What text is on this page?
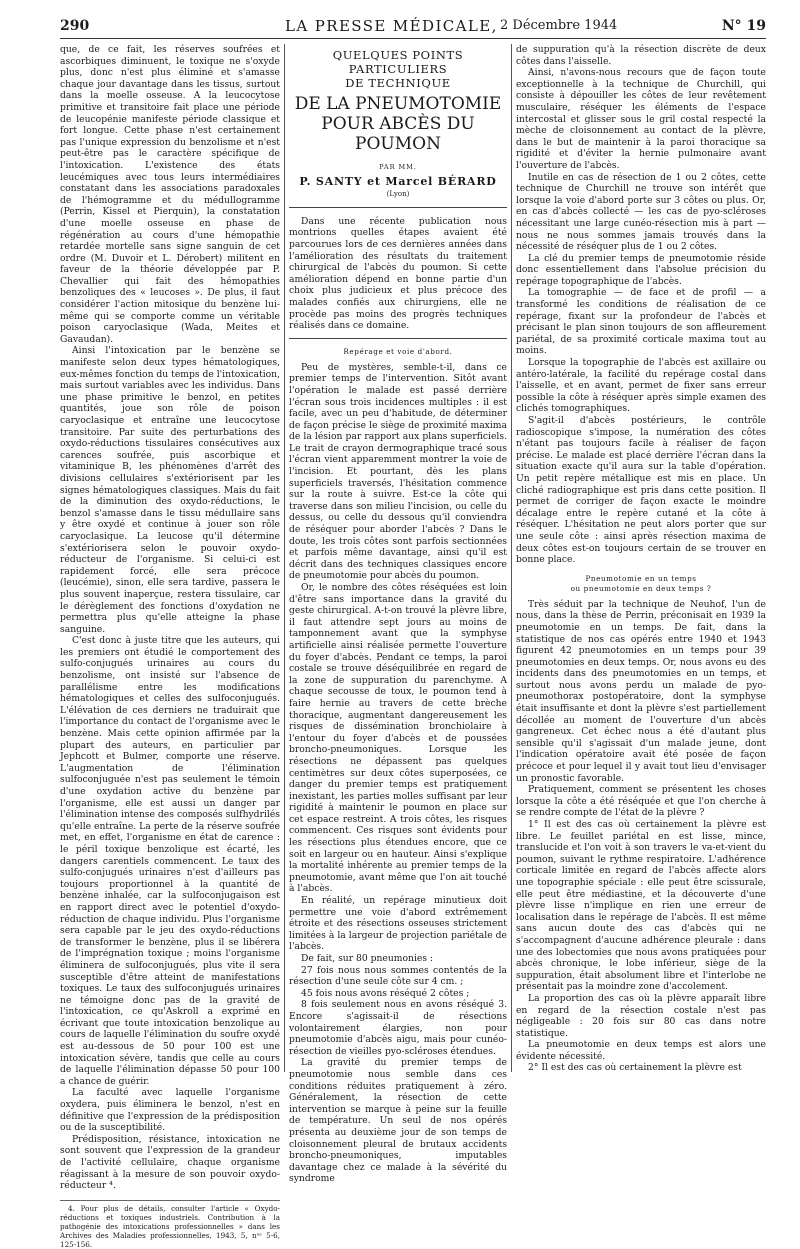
290	LA PRESSE MÉDICALE, 2 Décembre 1944	N° 19

que, de ce fait, les réserves soufrées et ascorbiques diminuent, le toxique ne s'oxyde plus, donc n'est plus éliminé et s'amasse chaque jour davantage dans les tissus, surtout dans la moelle osseuse. A la leucocytose primitive et transitoire fait place une période de leucopénie manifeste période classique et fort longue. Cette phase n'est certainement pas l'unique expression du benzolisme et n'est peut-être pas le caractère spécifique de l'intoxication. L'existence des états leucémiques avec tous leurs intermédiaires constatant dans les associations paradoxales de l'hémogramme et du médullogramme (Perrin, Kissel et Pierquin), la constatation d'une moelle osseuse en phase de régénération au cours d'une hémopathie retardée mortelle sans signe sanguin de cet ordre (M. Duvoir et L. Dérobert) militent en faveur de la théorie développée par P. Chevallier qui fait des hémopathies benzoliques des « leucoses ». De plus, il faut considérer l'action mitosique du benzène lui-même qui se comporte comme un véritable poison caryoclasique (Wada, Meites et Gavaudan).

Ainsi l'intoxication par le benzène se manifeste selon deux types hématologiques, eux-mêmes fonction du temps de l'intoxication, mais surtout variables avec les individus. Dans une phase primitive le benzol, en petites quantités, joue son rôle de poison caryoclasique et entraîne une leucocytose transitoire. Par suite des perturbations des oxydo-réductions tissulaires consécutives aux carences soufrée, puis ascorbique et vitaminique B, les phénomènes d'arrêt des divisions cellulaires s'extériorisent par les signes hématologiques classiques. Mais du fait de la diminution des oxydo-réductions, le benzol s'amasse dans le tissu médullaire sans y être oxydé et continue à jouer son rôle caryoclasique. La leucose qu'il détermine s'extériorisera selon le pouvoir oxydo-réducteur de l'organisme. Si celui-ci est rapidement forcé, elle sera précoce (leucémie), sinon, elle sera tardive, passera le plus souvent inaperçue, restera tissulaire, car le dérèglement des fonctions d'oxydation ne permettra plus qu'elle atteigne la phase sanguine.

C'est donc à juste titre que les auteurs, qui les premiers ont étudié le comportement des sulfo-conjugués urinaires au cours du benzolisme, ont insisté sur l'absence de parallélisme entre les modifications hématologiques et celles des sulfoconjugués. L'élévation de ces derniers ne traduirait que l'importance du contact de l'organisme avec le benzène. Mais cette opinion affirmée par la plupart des auteurs, en particulier par Jephcott et Bulmer, comporte une réserve. L'augmentation de l'élimination sulfoconjuguée n'est pas seulement le témoin d'une oxydation active du benzène par l'organisme, elle est aussi un danger par l'élimination intense des composés sulfhydrilés qu'elle entraîne. La perte de la réserve soufrée met, en effet, l'organisme en état de carence : le péril toxique benzolique est écarté, les dangers carentiels commencent. Le taux des sulfo-conjugués urinaires n'est d'ailleurs pas toujours proportionnel à la quantité de benzène inhalée, car la sulfoconjugaison est en rapport direct avec le potentiel d'oxydo-réduction de chaque individu. Plus l'organisme sera capable par le jeu des oxydo-réductions de transformer le benzène, plus il se libérera de l'imprégnation toxique ; moins l'organisme éliminera de sulfoconjugués, plus vite il sera susceptible d'être atteint de manifestations toxiques. Le taux des sulfoconjugués urinaires ne témoigne donc pas de la gravité de l'intoxication, ce qu'Askroll a exprimé en écrivant que toute intoxication benzolique au cours de laquelle l'élimination du soufre oxydé est au-dessous de 50 pour 100 est une intoxication sévère, tandis que celle au cours de laquelle l'élimination dépasse 50 pour 100 a chance de guérir.

La faculté avec laquelle l'organisme oxydera, puis éliminera le benzol, n'est en définitive que l'expression de la prédisposition ou de la susceptibilité.

Prédisposition, résistance, intoxication ne sont souvent que l'expression de la grandeur de l'activité cellulaire, chaque organisme réagissant à la mesure de son pouvoir oxydo-réducteur ⁴.

4. Pour plus de détails, consulter l'article « Oxydo-réductions et toxiques industriels. Contribution à la pathogénie des intoxications professionnelles » dans les Archives des Maladies professionnelles, 1943, 5, nᵒˢ 5-6, 125-156.

QUELQUES POINTS PARTICULIERS
DE TECHNIQUE
DE LA PNEUMOTOMIE
POUR ABCÈS DU POUMON
PAR MM.
P. SANTY et Marcel BÉRARD
(Lyon)

Dans une récente publication nous montrions quelles étapes avaient été parcourues lors de ces dernières années dans l'amélioration des résultats du traitement chirurgical de l'abcès du poumon. Si cette amélioration dépend en bonne partie d'un choix plus judicieux et plus précoce des malades confiés aux chirurgiens, elle ne procède pas moins des progrès techniques réalisés dans ce domaine.

Repérage et voie d'abord.

Peu de mystères, semble-t-il, dans ce premier temps de l'intervention. Sitôt avant l'opération le malade est passé derrière l'écran sous trois incidences multiples : il est facile, avec un peu d'habitude, de déterminer de façon précise le siège de proximité maxima de la lésion par rapport aux plans superficiels. Le trait de crayon dermographique tracé sous l'écran vient apparemment montrer la voie de l'incision. Et pourtant, dès les plans superficiels traversés, l'hésitation commence sur la route à suivre. Est-ce la côte qui traverse dans son milieu l'incision, ou celle du dessus, ou celle du dessous qu'il conviendra de réséquer pour aborder l'abcès ? Dans le doute, les trois côtes sont parfois sectionnées et parfois même davantage, ainsi qu'il est décrit dans des techniques classiques encore de pneumotomie pour abcès du poumon.

Or, le nombre des côtes réséquées est loin d'être sans importance dans la gravité du geste chirurgical. A-t-on trouvé la plèvre libre, il faut attendre sept jours au moins de tamponnement avant que la symphyse artificielle ainsi réalisée permette l'ouverture du foyer d'abcès. Pendant ce temps, la paroi costale se trouve déséquilibrée en regard de la zone de suppuration du parenchyme. A chaque secousse de toux, le poumon tend à faire hernie au travers de cette brèche thoracique, augmentant dangereusement les risques de dissémination bronchiolaire à l'entour du foyer d'abcès et de poussées broncho-pneumoniques. Lorsque les résections ne dépassent pas quelques centimètres sur deux côtes superposées, ce danger du premier temps est pratiquement inexistant, les parties molles suffisant par leur rigidité à maintenir le poumon en place sur cet espace restreint. A trois côtes, les risques commencent. Ces risques sont évidents pour les résections plus étendues encore, que ce soit en largeur ou en hauteur. Ainsi s'explique la mortalité inhérente au premier temps de la pneumotomie, avant même que l'on ait touché à l'abcès.

En réalité, un repérage minutieux doit permettre une voie d'abord extrêmement étroite et des résections osseuses strictement limitées à la largeur de projection pariétale de l'abcès.

De fait, sur 80 pneumonies :

27 fois nous nous sommes contentés de la résection d'une seule côte sur 4 cm. ;

45 fois nous avons réséqué 2 côtes ;

8 fois seulement nous en avons réséqué 3. Encore s'agissait-il de résections volontairement élargies, non pour pneumotomie d'abcès aigu, mais pour cunéo-résection de vieilles pyo-scléroses étendues.

La gravité du premier temps de pneumotomie nous semble dans ces conditions réduites pratiquement à zéro. Généralement, la résection de cette intervention se marque à peine sur la feuille de température. Un seul de nos opérés présenta au deuxième jour de son temps de cloisonnement pleural de brutaux accidents broncho-pneumoniques, imputables davantage chez ce malade à la sévérité du syndrome

de suppuration qu'à la résection discrète de deux côtes dans l'aisselle.

Ainsi, n'avons-nous recours que de façon toute exceptionnelle à la technique de Churchill, qui consiste à dépouiller les côtes de leur revêtement musculaire, réséquer les éléments de l'espace intercostal et glisser sous le gril costal respecté la mèche de cloisonnement au contact de la plèvre, dans le but de maintenir à la paroi thoracique sa rigidité et d'éviter la hernie pulmonaire avant l'ouverture de l'abcès.

Inutile en cas de résection de 1 ou 2 côtes, cette technique de Churchill ne trouve son intérêt que lorsque la voie d'abord porte sur 3 côtes ou plus. Or, en cas d'abcès collecté — les cas de pyo-scléroses nécessitant une large cunéo-résection mis à part — nous ne nous sommes jamais trouvés dans la nécessité de réséquer plus de 1 ou 2 côtes.

La clé du premier temps de pneumotomie réside donc essentiellement dans l'absolue précision du repérage topographique de l'abcès.

La tomographie — de face et de profil — a transformé les conditions de réalisation de ce repérage, fixant sur la profondeur de l'abcès et précisant le plan sinon toujours de son affleurement pariétal, de sa proximité corticale maxima tout au moins.

Lorsque la topographie de l'abcès est axillaire ou antéro-latérale, la facilité du repérage costal dans l'aisselle, et en avant, permet de fixer sans erreur possible la côte à réséquer après simple examen des clichés tomographiques.

S'agit-il d'abcès postérieurs, le contrôle radioscopique s'impose, la numération des côtes n'étant pas toujours facile à réaliser de façon précise. Le malade est placé derrière l'écran dans la situation exacte qu'il aura sur la table d'opération. Un petit repère métallique est mis en place. Un cliché radiographique est pris dans cette position. Il permet de corriger de façon exacte le moindre décalage entre le repère cutané et la côte à réséquer. L'hésitation ne peut alors porter que sur une seule côte : ainsi après résection maxima de deux côtes est-on toujours certain de se trouver en bonne place.

Pneumotomie en un temps
ou pneumotomie en deux temps ?

Très séduit par la technique de Neuhof, l'un de nous, dans la thèse de Perrin, préconisait en 1939 la pneumotomie en un temps. De fait, dans la statistique de nos cas opérés entre 1940 et 1943 figurent 42 pneumotomies en un temps pour 39 pneumotomies en deux temps. Or, nous avons eu des incidents dans des pneumotomies en un temps, et surtout nous avons perdu un malade de pyo-pneumothorax postopératoire, dont la symphyse était insuffisante et dont la plèvre s'est partiellement décollée au moment de l'ouverture d'un abcès gangreneux. Cet échec nous a été d'autant plus sensible qu'il s'agissait d'un malade jeune, dont l'indication opératoire avait été posée de façon précoce et pour lequel il y avait tout lieu d'envisager un pronostic favorable.

Pratiquement, comment se présentent les choses lorsque la côte a été réséquée et que l'on cherche à se rendre compte de l'état de la plèvre ?

1° Il est des cas où certainement la plèvre est libre. Le feuillet pariétal en est lisse, mince, translucide et l'on voit à son travers le va-et-vient du poumon, suivant le rythme respiratoire. L'adhérence corticale limitée en regard de l'abcès affecte alors une topographie spéciale : elle peut être scissurale, elle peut être médiastine, et la découverte d'une plèvre lisse n'implique en rien une erreur de localisation dans le repérage de l'abcès. Il est même sans aucun doute des cas d'abcès qui ne s'accompagnent d'aucune adhérence pleurale : dans une des lobectomies que nous avons pratiquées pour abcès chronique, le lobe inférieur, siège de la suppuration, était absolument libre et l'interlobe ne présentait pas la moindre zone d'accolement.

La proportion des cas où la plèvre apparaît libre en regard de la résection costale n'est pas négligeable : 20 fois sur 80 cas dans notre statistique.

La pneumotomie en deux temps est alors une évidente nécessité.

2° Il est des cas où certainement la plèvre est
